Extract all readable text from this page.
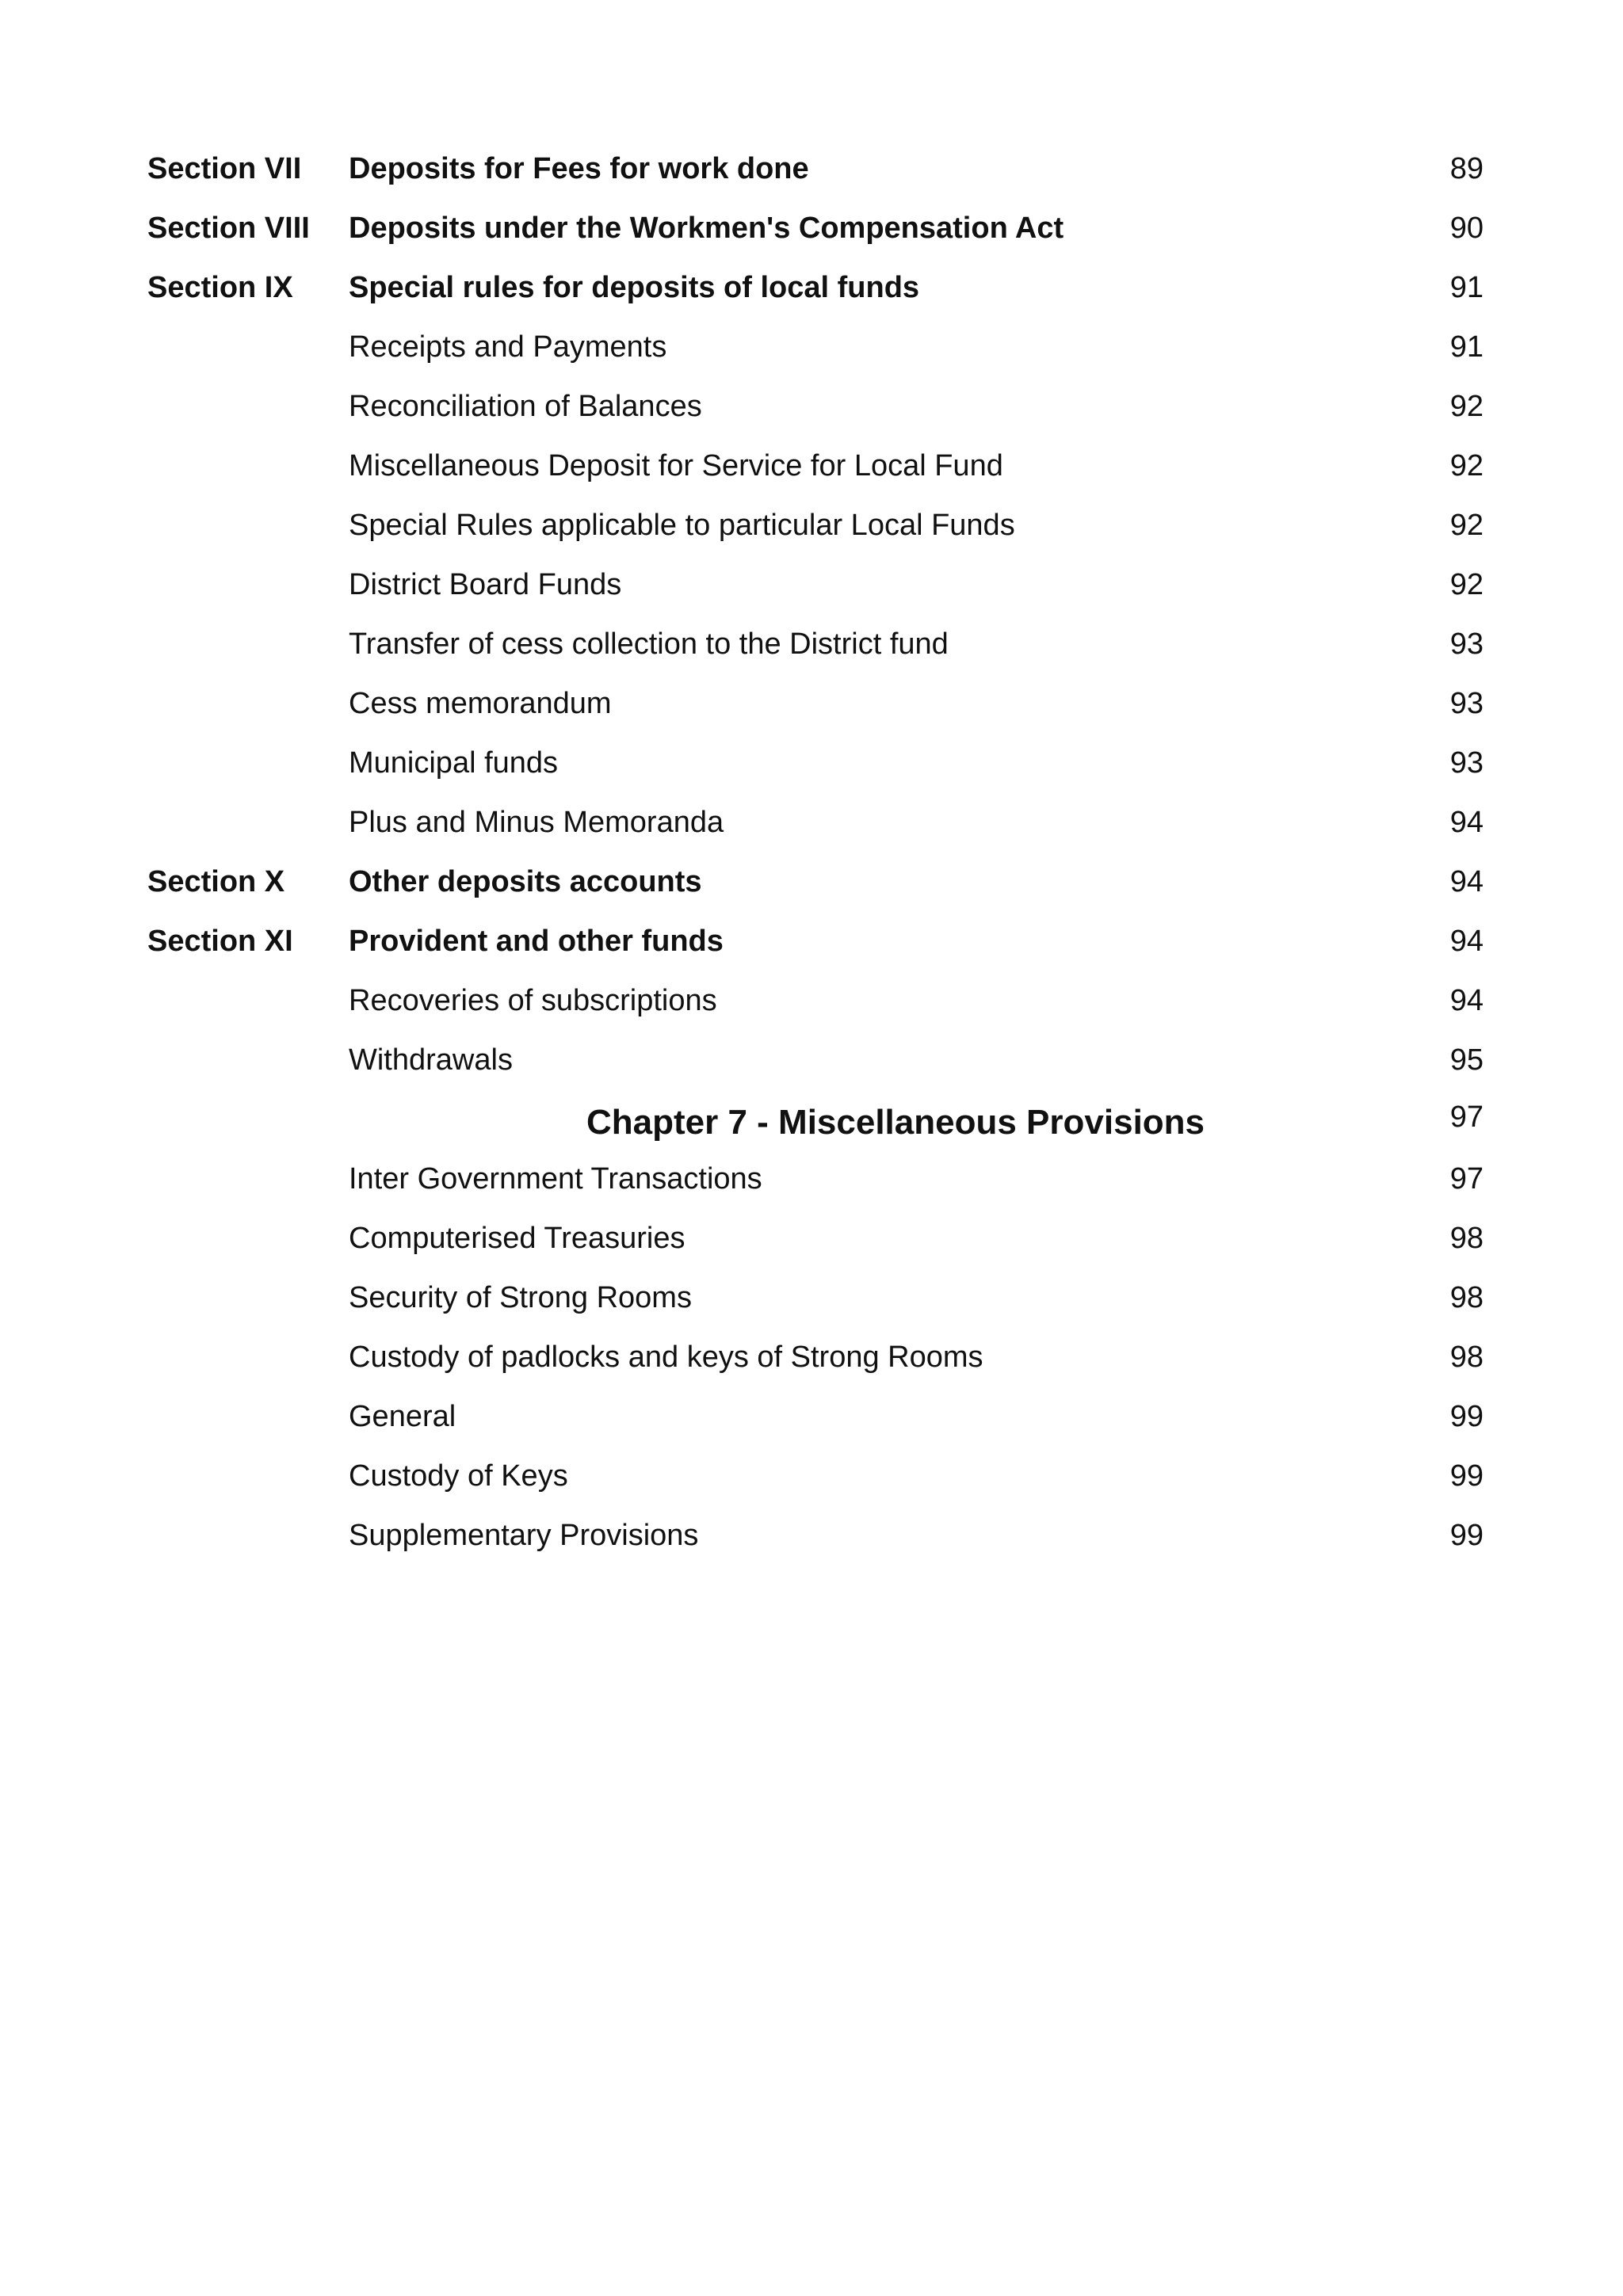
Section VII Deposits for Fees for work done	89
Section VIII Deposits under the Workmen's Compensation Act	90
Section IX Special rules for deposits of local funds	91
Receipts and Payments	91
Reconciliation of Balances	92
Miscellaneous Deposit for Service for Local Fund	92
Special Rules applicable to particular Local Funds	92
District Board Funds	92
Transfer of cess collection to the District fund	93
Cess memorandum	93
Municipal funds	93
Plus and Minus Memoranda	94
Section X Other deposits accounts	94
Section XI Provident and other funds	94
Recoveries of subscriptions	94
Withdrawals	95
Chapter 7 - Miscellaneous Provisions	97
Inter Government Transactions	97
Computerised Treasuries	98
Security of Strong Rooms	98
Custody of padlocks and keys of Strong Rooms	98
General	99
Custody of Keys	99
Supplementary Provisions	99
